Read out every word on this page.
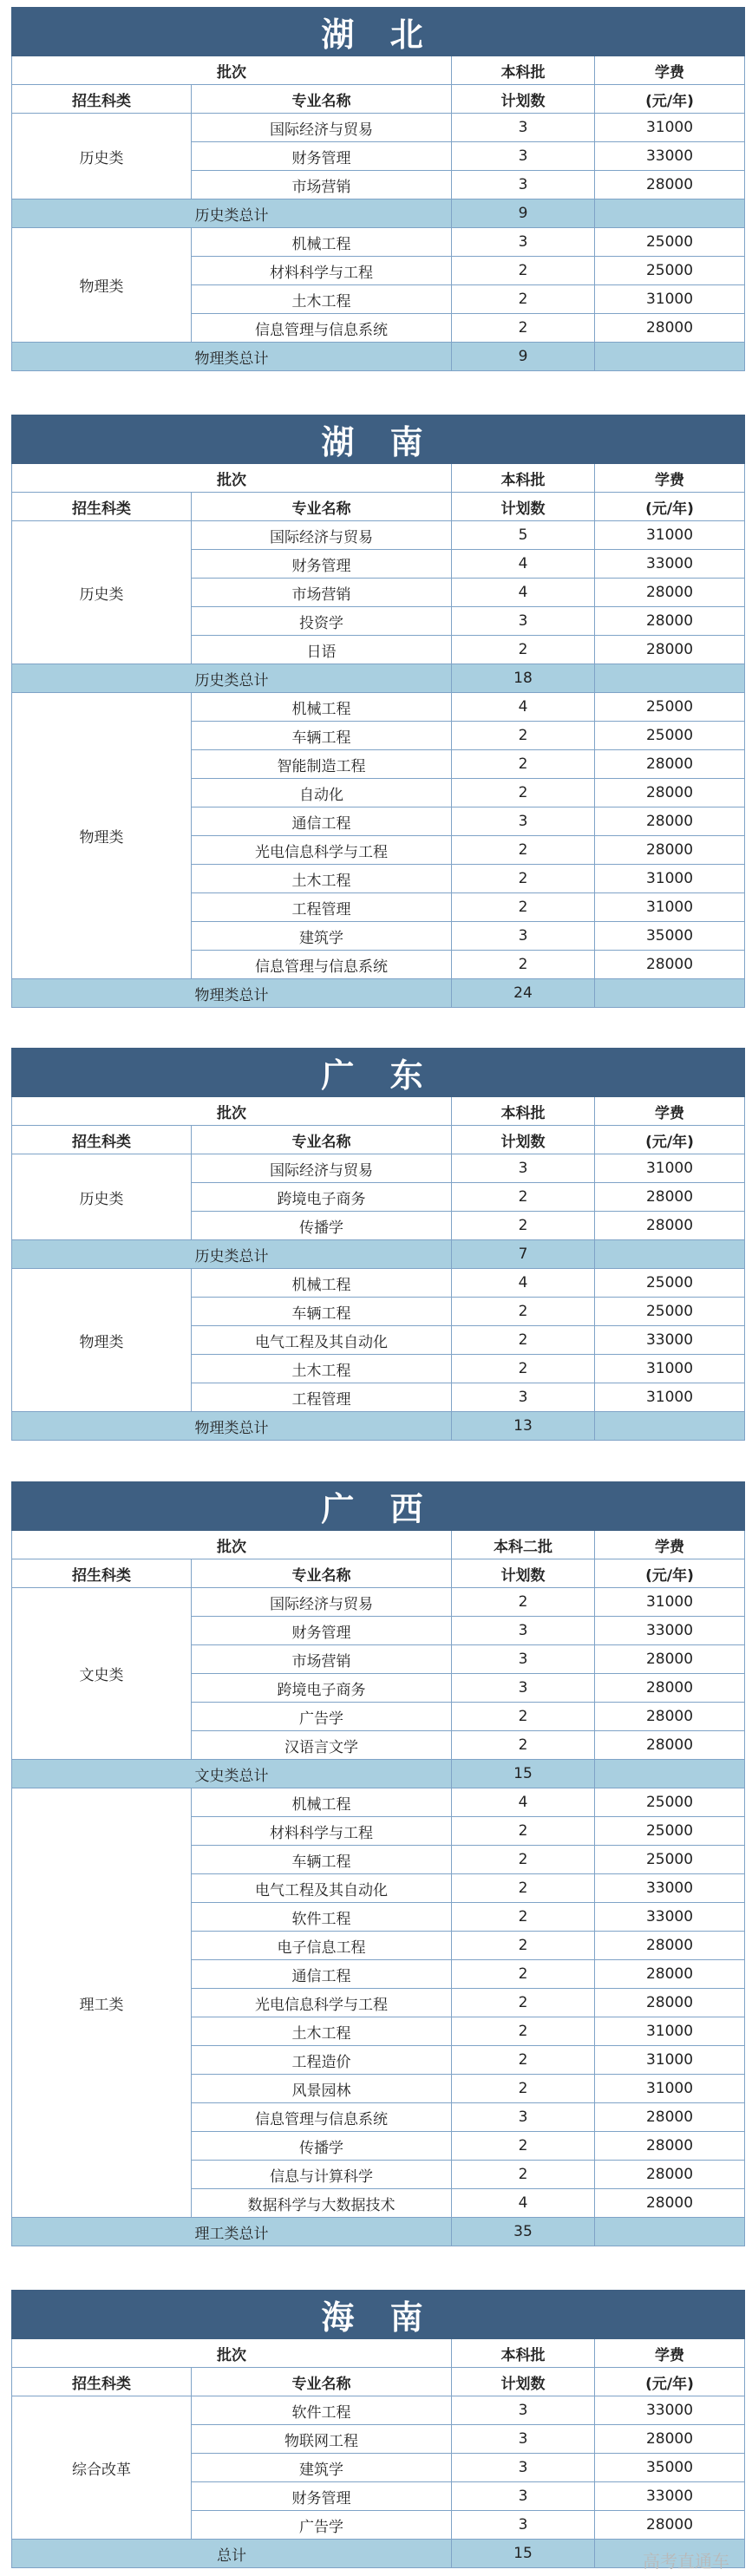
湖 北			
批次		本科批	学费
招生科类	专业名称	计划数	(元/年)
历史类	国际经济与贸易	3	31000
	财务管理	3	33000
	市场营销	3	28000
历史类总计		9	
物理类	机械工程	3	25000
	材料科学与工程	2	25000
	土木工程	2	31000
	信息管理与信息系统	2	28000
物理类总计		9	
湖 南			
批次		本科批	学费
招生科类	专业名称	计划数	(元/年)
历史类	国际经济与贸易	5	31000
	财务管理	4	33000
	市场营销	4	28000
	投资学	3	28000
	日语	2	28000
历史类总计		18	
物理类	机械工程	4	25000
	车辆工程	2	25000
	智能制造工程	2	28000
	自动化	2	28000
	通信工程	3	28000
	光电信息科学与工程	2	28000
	土木工程	2	31000
	工程管理	2	31000
	建筑学	3	35000
	信息管理与信息系统	2	28000
物理类总计		24	
广 东			
批次		本科批	学费
招生科类	专业名称	计划数	(元/年)
历史类	国际经济与贸易	3	31000
	跨境电子商务	2	28000
	传播学	2	28000
历史类总计		7	
物理类	机械工程	4	25000
	车辆工程	2	25000
	电气工程及其自动化	2	33000
	土木工程	2	31000
	工程管理	3	31000
物理类总计		13	
广 西			
批次		本科二批	学费
招生科类	专业名称	计划数	(元/年)
文史类	国际经济与贸易	2	31000
	财务管理	3	33000
	市场营销	3	28000
	跨境电子商务	3	28000
	广告学	2	28000
	汉语言文学	2	28000
文史类总计		15	
理工类	机械工程	4	25000
	材料科学与工程	2	25000
	车辆工程	2	25000
	电气工程及其自动化	2	33000
	软件工程	2	33000
	电子信息工程	2	28000
	通信工程	2	28000
	光电信息科学与工程	2	28000
	土木工程	2	31000
	工程造价	2	31000
	风景园林	2	31000
	信息管理与信息系统	3	28000
	传播学	2	28000
	信息与计算科学	2	28000
	数据科学与大数据技术	4	28000
理工类总计		35	
海 南			
批次		本科批	学费
招生科类	专业名称	计划数	(元/年)
综合改革	软件工程	3	33000
	物联网工程	3	28000
	建筑学	3	35000
	财务管理	3	33000
	广告学	3	28000
总计		15		高考直通车
